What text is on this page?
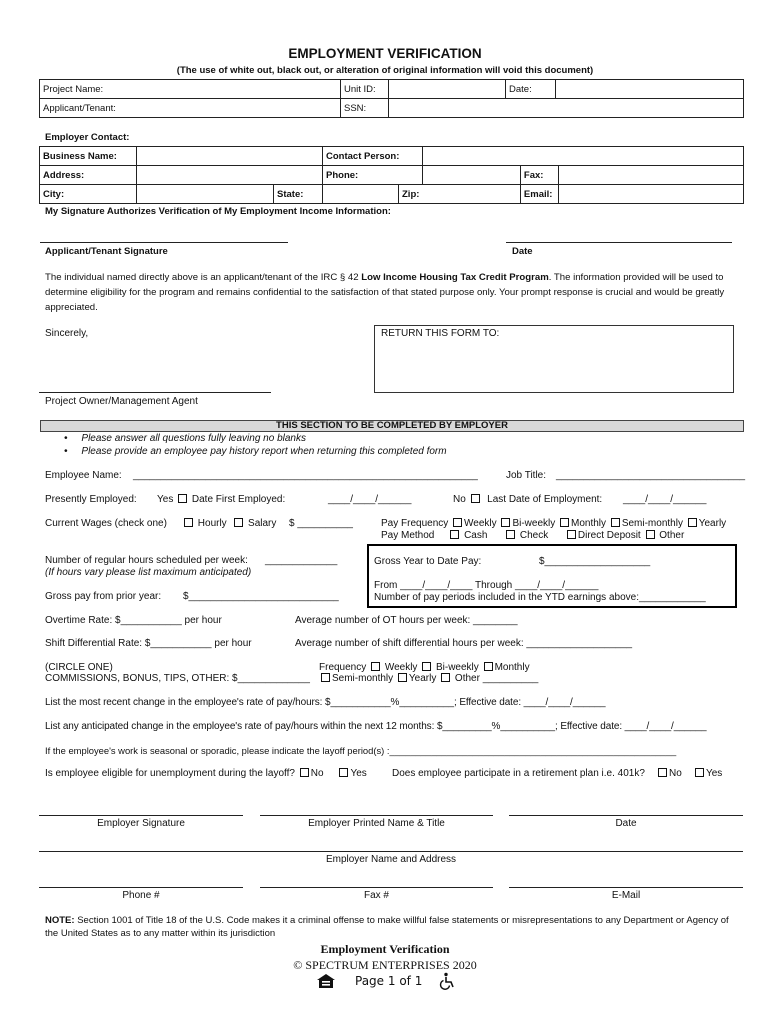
EMPLOYMENT VERIFICATION
(The use of white out, black out, or alteration of original information will void this document)
Project Name:	Unit ID:		Date:	
Applicant/Tenant:	SSN:			
Employer Contact:
Business Name:			Contact Person:				
Address:			Phone:			Fax:	
City:		State:		Zip:		Email:	
My Signature Authorizes Verification of My Employment Income Information:
Applicant/Tenant Signature	Date
The individual named directly above is an applicant/tenant of the IRC § 42 Low Income Housing Tax Credit Program. The information provided will be used to determine eligibility for the program and remains confidential to the satisfaction of that stated purpose only. Your prompt response is crucial and would be greatly appreciated.
Sincerely,	RETURN THIS FORM TO:
Project Owner/Management Agent
THIS SECTION TO BE COMPLETED BY EMPLOYER
•     Please answer all questions fully leaving no blanks
•     Please provide an employee pay history report when returning this completed form
Employee Name: ______________________________________________________________	Job Title: __________________________________
Presently Employed: Yes Date First Employed:	____/____/______	No Last Date of Employment: ____/____/______
Current Wages (check one)	Hourly Salary $ __________	Pay Frequency Weekly Bi-weekly Monthly Semi-monthly Yearly
Pay Method	Cash	Check	Direct Deposit Other
Number of regular hours scheduled per week: _____________
(If hours vary please list maximum anticipated)
Gross Year to Date Pay:	$___________________
From ____/____/____ Through ____/____/______
Number of pay periods included in the YTD earnings above:____________
Gross pay from prior year: $___________________________
Overtime Rate: $___________ per hour	Average number of OT hours per week: ________
Shift Differential Rate: $___________ per hour	Average number of shift differential hours per week: ___________________
(CIRCLE ONE)
COMMISSIONS, BONUS, TIPS, OTHER: $_____________
Frequency Weekly Bi-weekly Monthly
Semi-monthly Yearly Other __________
List the most recent change in the employee's rate of pay/hours: $___________%__________; Effective date: ____/____/______
List any anticipated change in the employee's rate of pay/hours within the next 12 months: $_________%__________; Effective date: ____/____/______
If the employee's work is seasonal or sporadic, please indicate the layoff period(s) :_______________________________________________________
Is employee eligible for unemployment during the layoff? No	Yes	Does employee participate in a retirement plan i.e. 401k? No Yes
Employer Signature	Employer Printed Name & Title	Date
Employer Name and Address
Phone #	Fax #	E-Mail
NOTE: Section 1001 of Title 18 of the U.S. Code makes it a criminal offense to make willful false statements or misrepresentations to any Department or Agency of the United States as to any matter within its jurisdiction
Employment Verification
© SPECTRUM ENTERPRISES 2020
Page 1 of 1
